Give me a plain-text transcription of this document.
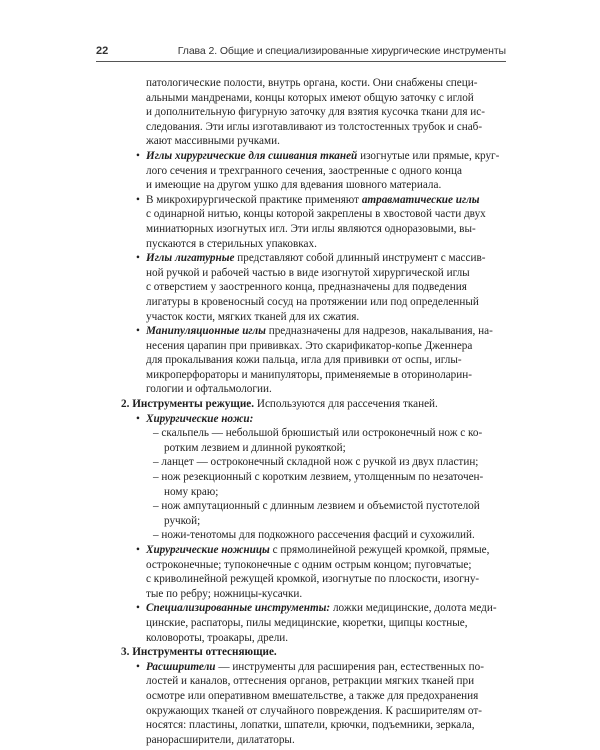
22	Глава 2. Общие и специализированные хирургические инструменты
патологические полости, внутрь органа, кости. Они снабжены специ-
альными мандренами, концы которых имеют общую заточку с иглой
и дополнительную фигурную заточку для взятия кусочка ткани для ис-
следования. Эти иглы изготавливают из толстостенных трубок и снаб-
жают массивными ручками.
• Иглы хирургические для сшивания тканей изогнутые или прямые, круг-
лого сечения и трехгранного сечения, заостренные с одного конца
и имеющие на другом ушко для вдевания шовного материала.
• В микрохирургической практике применяют атравматические иглы
с одинарной нитью, концы которой закреплены в хвостовой части двух
миниатюрных изогнутых игл. Эти иглы являются одноразовыми, вы-
пускаются в стерильных упаковках.
• Иглы лигатурные представляют собой длинный инструмент с массив-
ной ручкой и рабочей частью в виде изогнутой хирургической иглы
с отверстием у заостренного конца, предназначены для подведения
лигатуры в кровеносный сосуд на протяжении или под определенный
участок кости, мягких тканей для их сжатия.
• Манипуляционные иглы предназначены для надрезов, накалывания, на-
несения царапин при прививках. Это скарификатор-копье Дженнера
для прокалывания кожи пальца, игла для прививки от оспы, иглы-
микроперфораторы и манипуляторы, применяемые в оториноларин-
гологии и офтальмологии.
2. Инструменты режущие. Используются для рассечения тканей.
• Хирургические ножи:
– скальпель — небольшой брюшистый или остроконечный нож с ко-
ротким лезвием и длинной рукояткой;
– ланцет — остроконечный складной нож с ручкой из двух пластин;
– нож резекционный с коротким лезвием, утолщенным по незаточен-
ному краю;
– нож ампутационный с длинным лезвием и объемистой пустотелой
ручкой;
– ножи-тенотомы для подкожного рассечения фасций и сухожилий.
• Хирургические ножницы с прямолинейной режущей кромкой, прямые,
остроконечные; тупоконечные с одним острым концом; пуговчатые;
с криволинейной режущей кромкой, изогнутые по плоскости, изогну-
тые по ребру; ножницы-кусачки.
• Специализированные инструменты: ложки медицинские, долота меди-
цинские, распаторы, пилы медицинские, кюретки, щипцы костные,
коловороты, троакары, дрели.
3. Инструменты оттесняющие.
• Расширители — инструменты для расширения ран, естественных по-
лостей и каналов, оттеснения органов, ретракции мягких тканей при
осмотре или оперативном вмешательстве, а также для предохранения
окружающих тканей от случайного повреждения. К расширителям от-
носятся: пластины, лопатки, шпатели, крючки, подъемники, зеркала,
ранорасширители, дилататоры.
